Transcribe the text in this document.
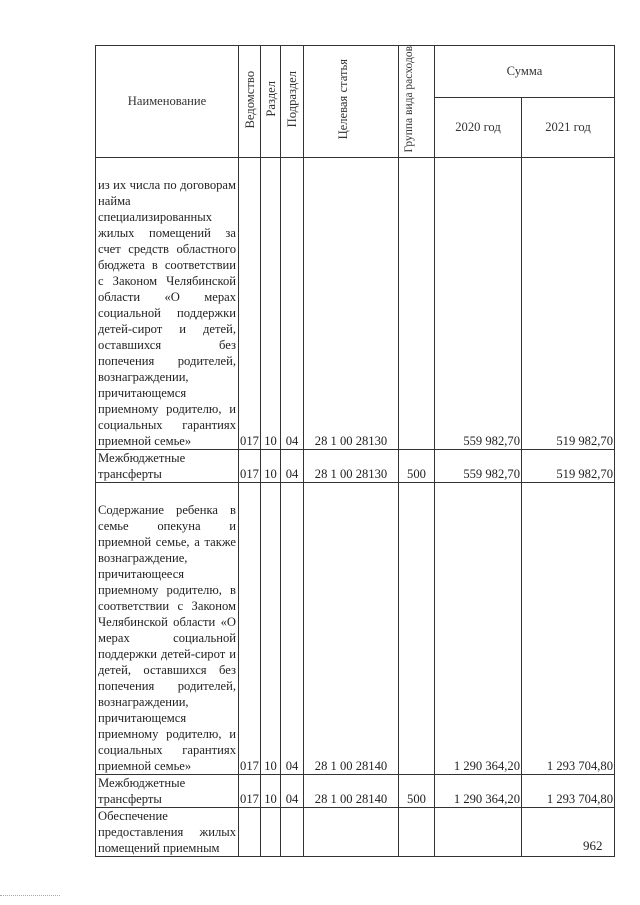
Наименование	Ведомство	Раздел	Подраздел	Целевая статья	Группа вида расходов	Сумма	
						2020 год	2021 год
из их числа по договорам найма специализированных жилых помещений за счет средств областного бюджета в соответствии с Законом Челябинской области «О мерах социальной поддержки детей-сирот и детей, оставшихся без попечения родителей, вознаграждении, причитающемся приемному родителю, и социальных гарантиях приемной семье»	017	10	04	28 1 00 28130		559 982,70	519 982,70
Межбюджетные трансферты	017	10	04	28 1 00 28130	500	559 982,70	519 982,70
Содержание ребенка в семье опекуна и приемной семье, а также вознаграждение, причитающееся приемному родителю, в соответствии с Законом Челябинской области «О мерах социальной поддержки детей-сирот и детей, оставшихся без попечения родителей, вознаграждении, причитающемся приемному родителю, и социальных гарантиях приемной семье»	017	10	04	28 1 00 28140		1 290 364,20	1 293 704,80
Межбюджетные трансферты	017	10	04	28 1 00 28140	500	1 290 364,20	1 293 704,80
Обеспечение предоставления жилых помещений приемным								962
